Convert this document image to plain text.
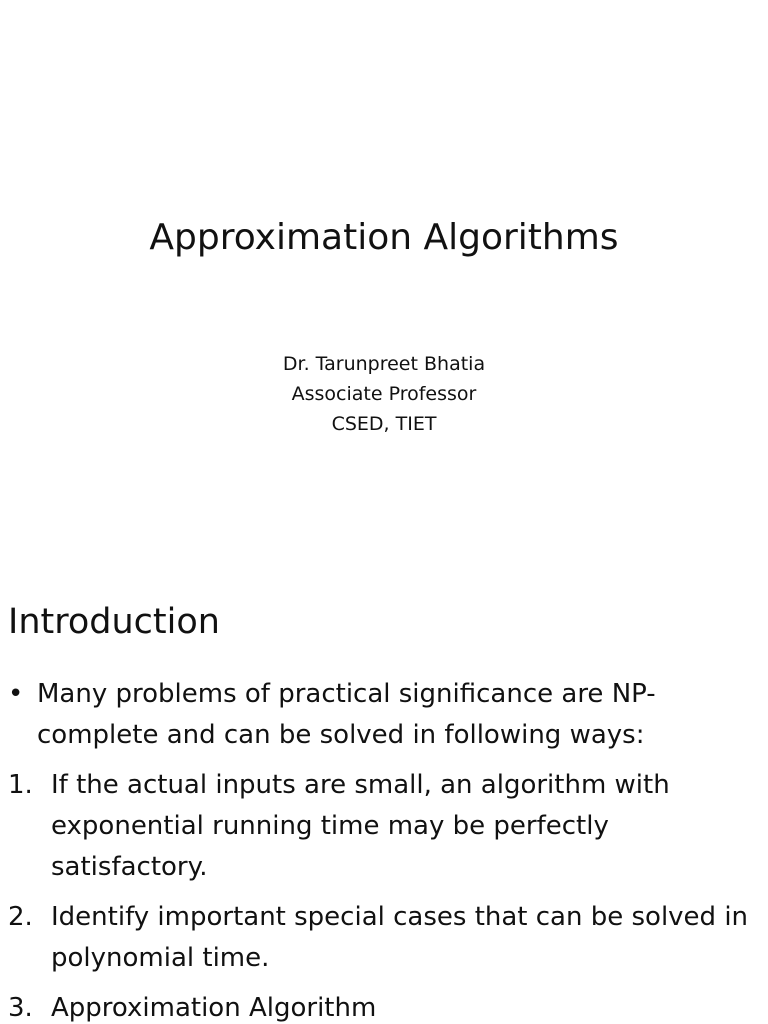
Approximation Algorithms
Dr. Tarunpreet Bhatia
Associate Professor
CSED, TIET
Introduction
• Many problems of practical significance are NP-complete and can be solved in following ways:
1. If the actual inputs are small, an algorithm with exponential running time may be perfectly satisfactory.
2. Identify important special cases that can be solved in polynomial time.
3. Approximation Algorithm
